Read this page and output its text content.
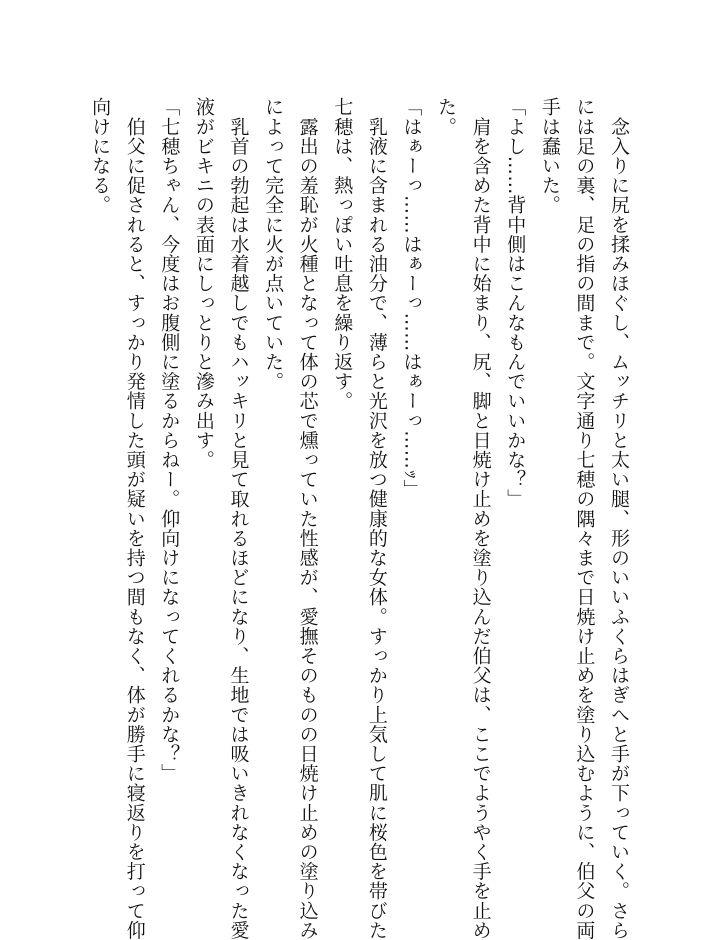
　念入りに尻を揉みほぐし、ムッチリと太い腿、形のいいふくらはぎへと手が下っていく。さら

には足の裏、足の指の間まで。文字通り七穂の隅々まで日焼け止めを塗り込むように、伯父の両

手は蠢いた。

「よし……背中側はこんなもんでいいかな？」

　肩を含めた背中に始まり、尻、脚と日焼け止めを塗り込んだ伯父は、ここでようやく手を止め

た。

「はぁーっ……はぁーっ……はぁーっ……ｯ」

　乳液に含まれる油分で、薄らと光沢を放つ健康的な女体。すっかり上気して肌に桜色を帯びた

七穂は、熱っぽい吐息を繰り返す。

　露出の羞恥が火種となって体の芯で燻っていた性感が、愛撫そのものの日焼け止めの塗り込み

によって完全に火が点いていた。

　乳首の勃起は水着越しでもハッキリと見て取れるほどになり、生地では吸いきれなくなった愛

液がビキニの表面にしっとりと滲み出す。

「七穂ちゃん、今度はお腹側に塗るからねー。仰向けになってくれるかな？」

　伯父に促されると、すっかり発情した頭が疑いを持つ間もなく、体が勝手に寝返りを打って仰

向けになる。
